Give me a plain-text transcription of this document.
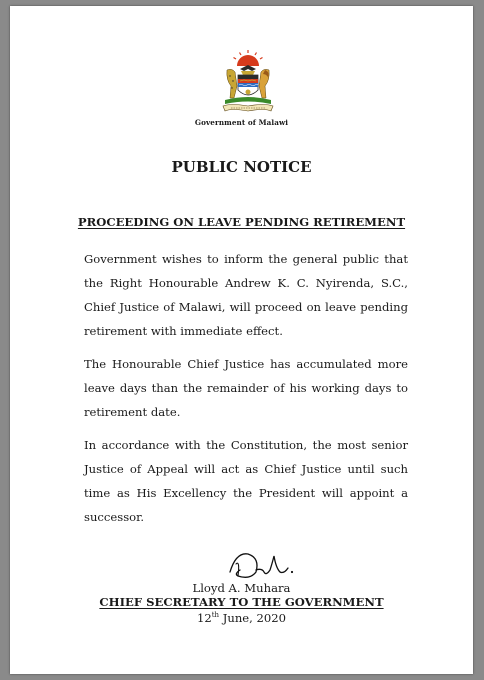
Government of Malawi
PUBLIC NOTICE
PROCEEDING ON LEAVE PENDING RETIREMENT
Government wishes to inform the general public that
the Right Honourable Andrew K. C. Nyirenda, S.C.,
Chief Justice of Malawi, will proceed on leave pending
retirement with immediate effect.
The Honourable Chief Justice has accumulated more
leave days than the remainder of his working days to
retirement date.
In accordance with the Constitution, the most senior
Justice of Appeal will act as Chief Justice until such
time as His Excellency the President will appoint a
successor.
Lloyd A. Muhara
CHIEF SECRETARY TO THE GOVERNMENT
12th June, 2020
